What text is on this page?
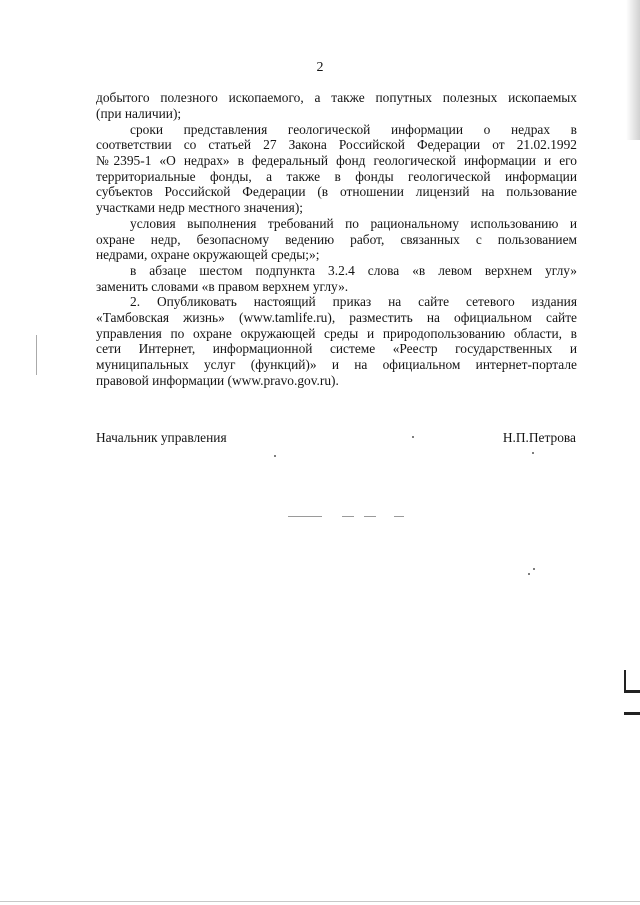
2
добытого полезного ископаемого, а также попутных полезных ископаемых
(при наличии);
сроки представления геологической информации о недрах в
соответствии со статьей 27 Закона Российской Федерации от 21.02.1992
№2395-1 «О недрах» в федеральный фонд геологической информации и его
территориальные фонды, а также в фонды геологической информации
субъектов Российской Федерации (в отношении лицензий на пользование
участками недр местного значения);
условия выполнения требований по рациональному использованию и
охране недр, безопасному ведению работ, связанных с пользованием
недрами, охране окружающей среды;»;
в абзаце шестом подпункта 3.2.4 слова «в левом верхнем углу»
заменить словами «в правом верхнем углу».
2. Опубликовать настоящий приказ на сайте сетевого издания
«Тамбовская жизнь» (www.tamlife.ru), разместить на официальном сайте
управления по охране окружающей среды и природопользованию области, в
сети Интернет, информационной системе «Реестр государственных и
муниципальных услуг (функций)» и на официальном интернет-портале
правовой информации (www.pravo.gov.ru).
Начальник управления	Н.П.Петрова
